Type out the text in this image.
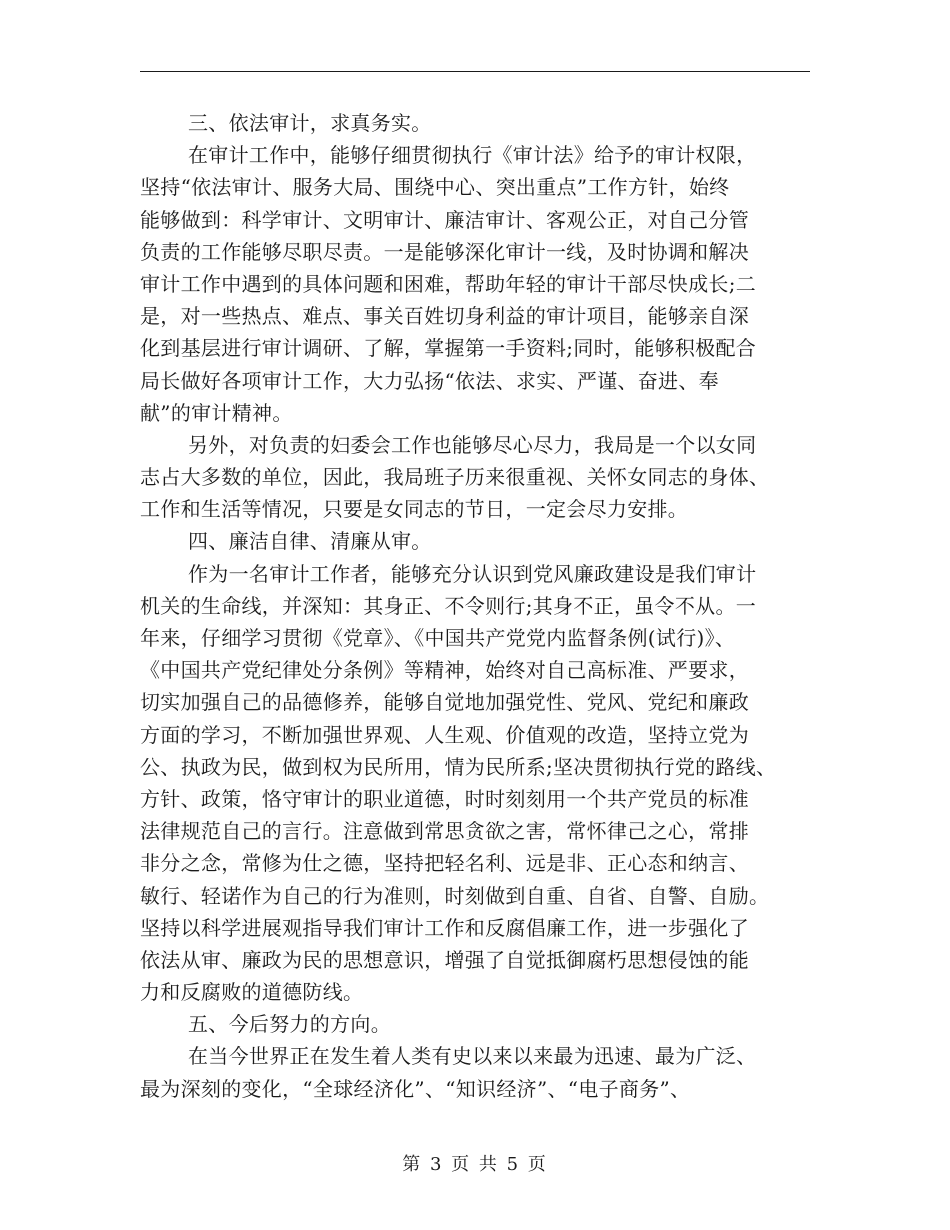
三、依法审计，求真务实。
在审计工作中，能够仔细贯彻执行《审计法》给予的审计权限，
坚持“依法审计、服务大局、围绕中心、突出重点”工作方针，始终
能够做到：科学审计、文明审计、廉洁审计、客观公正，对自己分管
负责的工作能够尽职尽责。一是能够深化审计一线，及时协调和解决
审计工作中遇到的具体问题和困难，帮助年轻的审计干部尽快成长;二
是，对一些热点、难点、事关百姓切身利益的审计项目，能够亲自深
化到基层进行审计调研、了解，掌握第一手资料;同时，能够积极配合
局长做好各项审计工作，大力弘扬“依法、求实、严谨、奋进、奉
献”的审计精神。
另外，对负责的妇委会工作也能够尽心尽力，我局是一个以女同
志占大多数的单位，因此，我局班子历来很重视、关怀女同志的身体、
工作和生活等情况，只要是女同志的节日，一定会尽力安排。
四、廉洁自律、清廉从审。
作为一名审计工作者，能够充分认识到党风廉政建设是我们审计
机关的生命线，并深知：其身正、不令则行;其身不正，虽令不从。一
年来，仔细学习贯彻《党章》、《中国共产党党内监督条例(试行)》、
《中国共产党纪律处分条例》等精神，始终对自己高标准、严要求，
切实加强自己的品德修养，能够自觉地加强党性、党风、党纪和廉政
方面的学习，不断加强世界观、人生观、价值观的改造，坚持立党为
公、执政为民，做到权为民所用，情为民所系;坚决贯彻执行党的路线、
方针、政策，恪守审计的职业道德，时时刻刻用一个共产党员的标准
法律规范自己的言行。注意做到常思贪欲之害，常怀律己之心，常排
非分之念，常修为仕之德，坚持把轻名利、远是非、正心态和纳言、
敏行、轻诺作为自己的行为准则，时刻做到自重、自省、自警、自励。
坚持以科学进展观指导我们审计工作和反腐倡廉工作，进一步强化了
依法从审、廉政为民的思想意识，增强了自觉抵御腐朽思想侵蚀的能
力和反腐败的道德防线。
五、今后努力的方向。
在当今世界正在发生着人类有史以来以来最为迅速、最为广泛、
最为深刻的变化，“全球经济化”、“知识经济”、“电子商务”、
第 3 页 共 5 页
